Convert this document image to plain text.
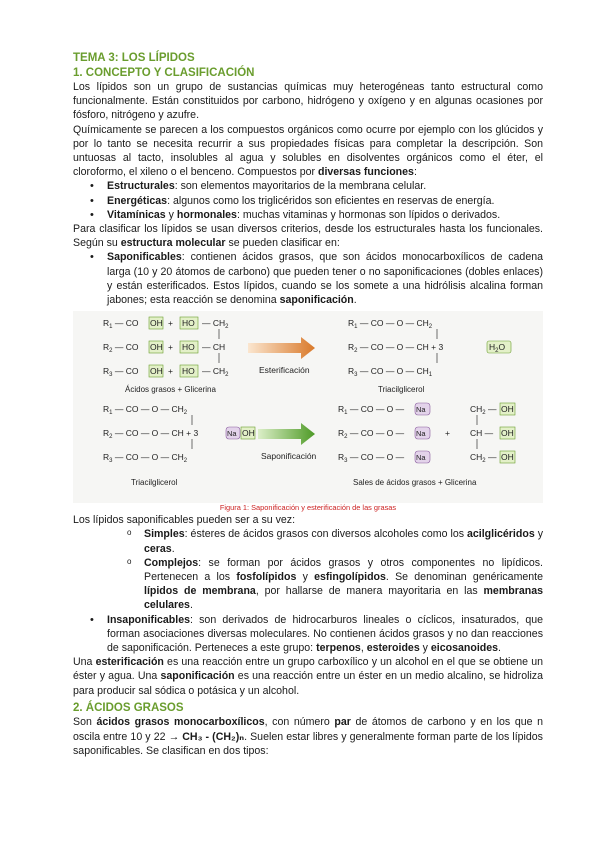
TEMA 3: LOS LÍPIDOS
1. CONCEPTO Y CLASIFICACIÓN

Los lípidos son un grupo de sustancias químicas muy heterogéneas tanto estructural como funcionalmente. Están constituidos por carbono, hidrógeno y oxígeno y en algunas ocasiones por fósforo, nitrógeno y azufre.

Químicamente se parecen a los compuestos orgánicos como ocurre por ejemplo con los glúcidos y por lo tanto se necesita recurrir a sus propiedades físicas para completar la descripción. Son untuosas al tacto, insolubles al agua y solubles en disolventes orgánicos como el éter, el cloroformo, el xileno o el benceno. Compuestos por diversas funciones:

• Estructurales: son elementos mayoritarios de la membrana celular.
• Energéticas: algunos como los triglicéridos son eficientes en reservas de energía.
• Vitamínicas y hormonales: muchas vitaminas y hormonas son lípidos o derivados.

Para clasificar los lípidos se usan diversos criterios, desde los estructurales hasta los funcionales. Según su estructura molecular se pueden clasificar en:

• Saponificables: contienen ácidos grasos, que son ácidos monocarboxílicos de cadena larga (10 y 20 átomos de carbono) que pueden tener o no saponificaciones (dobles enlaces) y están esterificados. Estos lípidos, cuando se los somete a una hidrólisis alcalina forman jabones; esta reacción se denomina saponificación.
$R_1$ — CO OH + HO — $CH_2$
$R_2$ — CO OH + HO — CH
$R_3$ — CO OH + HO — $CH_2$
Ácidos grasos + Glicerina
Esterificación
$R_1$ — CO — O — $CH_2$
$R_2$ — CO — O — CH + 3	$H_2O$
$R_3$ — CO — O — $CH_1$
Triacilglicerol
$R_1$ — CO — O — $CH_2$
$R_2$ — CO — O — CH + 3	Na OH
$R_3$ — CO — O — $CH_2$
Triacilglicerol
Saponificación
$R_1$ — CO — O — Na	$CH_2$ — OH
$R_2$ — CO — O — Na + CH — OH
$R_3$ — CO — O — Na	$CH_2$ — OH
Sales de ácidos grasos + Glicerina
Figura 1: Saponificación y esterificación de las grasas

Los lípidos saponificables pueden ser a su vez:

o Simples: ésteres de ácidos grasos con diversos alcoholes como los acilglicéridos y ceras.
o Complejos: se forman por ácidos grasos y otros componentes no lipídicos. Pertenecen a los fosfolípidos y esfingolípidos. Se denominan genéricamente lípidos de membrana, por hallarse de manera mayoritaria en las membranas celulares.
• Insaponificables: son derivados de hidrocarburos lineales o cíclicos, insaturados, que forman asociaciones diversas moleculares. No contienen ácidos grasos y no dan reacciones de saponificación. Perteneces a este grupo: terpenos, esteroides y eicosanoides.

Una esterificación es una reacción entre un grupo carboxílico y un alcohol en el que se obtiene un éster y agua. Una saponificación es una reacción entre un éster en un medio alcalino, se hidroliza para producir sal sódica o potásica y un alcohol.

2. ÁCIDOS GRASOS

Son ácidos grasos monocarboxílicos, con número par de átomos de carbono y en los que n oscila entre 10 y 22 → CH₃ - (CH₂)ₙ. Suelen estar libres y generalmente forman parte de los lípidos saponificables. Se clasifican en dos tipos:
